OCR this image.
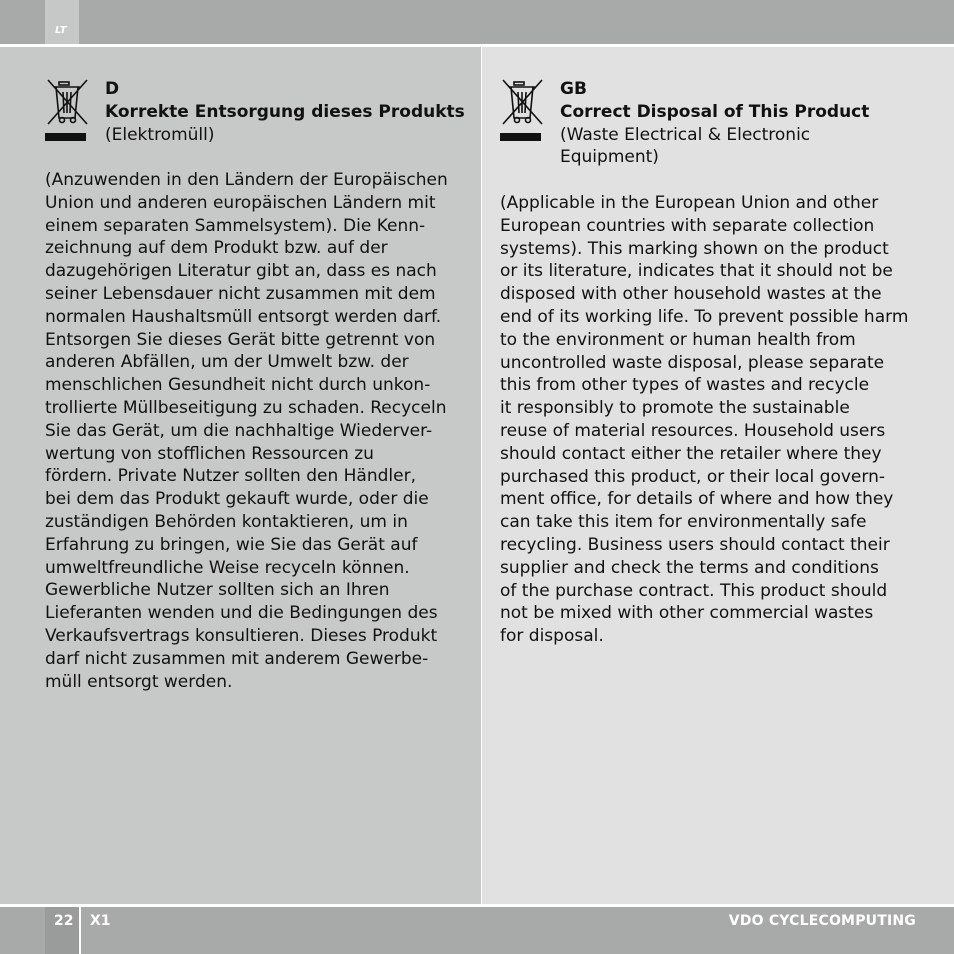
LT
D
Korrekte Entsorgung dieses Produkts
(Elektromüll)
(Anzuwenden in den Ländern der Europäischen
Union und anderen europäischen Ländern mit
einem separaten Sammelsystem). Die Kenn-
zeichnung auf dem Produkt bzw. auf der
dazugehörigen Literatur gibt an, dass es nach
seiner Lebensdauer nicht zusammen mit dem
normalen Haushaltsmüll entsorgt werden darf.
Entsorgen Sie dieses Gerät bitte getrennt von
anderen Abfällen, um der Umwelt bzw. der
menschlichen Gesundheit nicht durch unkon-
trollierte Müllbeseitigung zu schaden. Recyceln
Sie das Gerät, um die nachhaltige Wiederver-
wertung von stofflichen Ressourcen zu
fördern. Private Nutzer sollten den Händler,
bei dem das Produkt gekauft wurde, oder die
zuständigen Behörden kontaktieren, um in
Erfahrung zu bringen, wie Sie das Gerät auf
umweltfreundliche Weise recyceln können.
Gewerbliche Nutzer sollten sich an Ihren
Lieferanten wenden und die Bedingungen des
Verkaufsvertrags konsultieren. Dieses Produkt
darf nicht zusammen mit anderem Gewerbe-
müll entsorgt werden.
GB
Correct Disposal of This Product
(Waste Electrical & Electronic
Equipment)
(Applicable in the European Union and other
European countries with separate collection
systems). This marking shown on the product
or its literature, indicates that it should not be
disposed with other household wastes at the
end of its working life. To prevent possible harm
to the environment or human health from
uncontrolled waste disposal, please separate
this from other types of wastes and recycle
it responsibly to promote the sustainable
reuse of material resources. Household users
should contact either the retailer where they
purchased this product, or their local govern-
ment office, for details of where and how they
can take this item for environmentally safe
recycling. Business users should contact their
supplier and check the terms and conditions
of the purchase contract. This product should
not be mixed with other commercial wastes
for disposal.
22 X1	VDO CYCLECOMPUTING
